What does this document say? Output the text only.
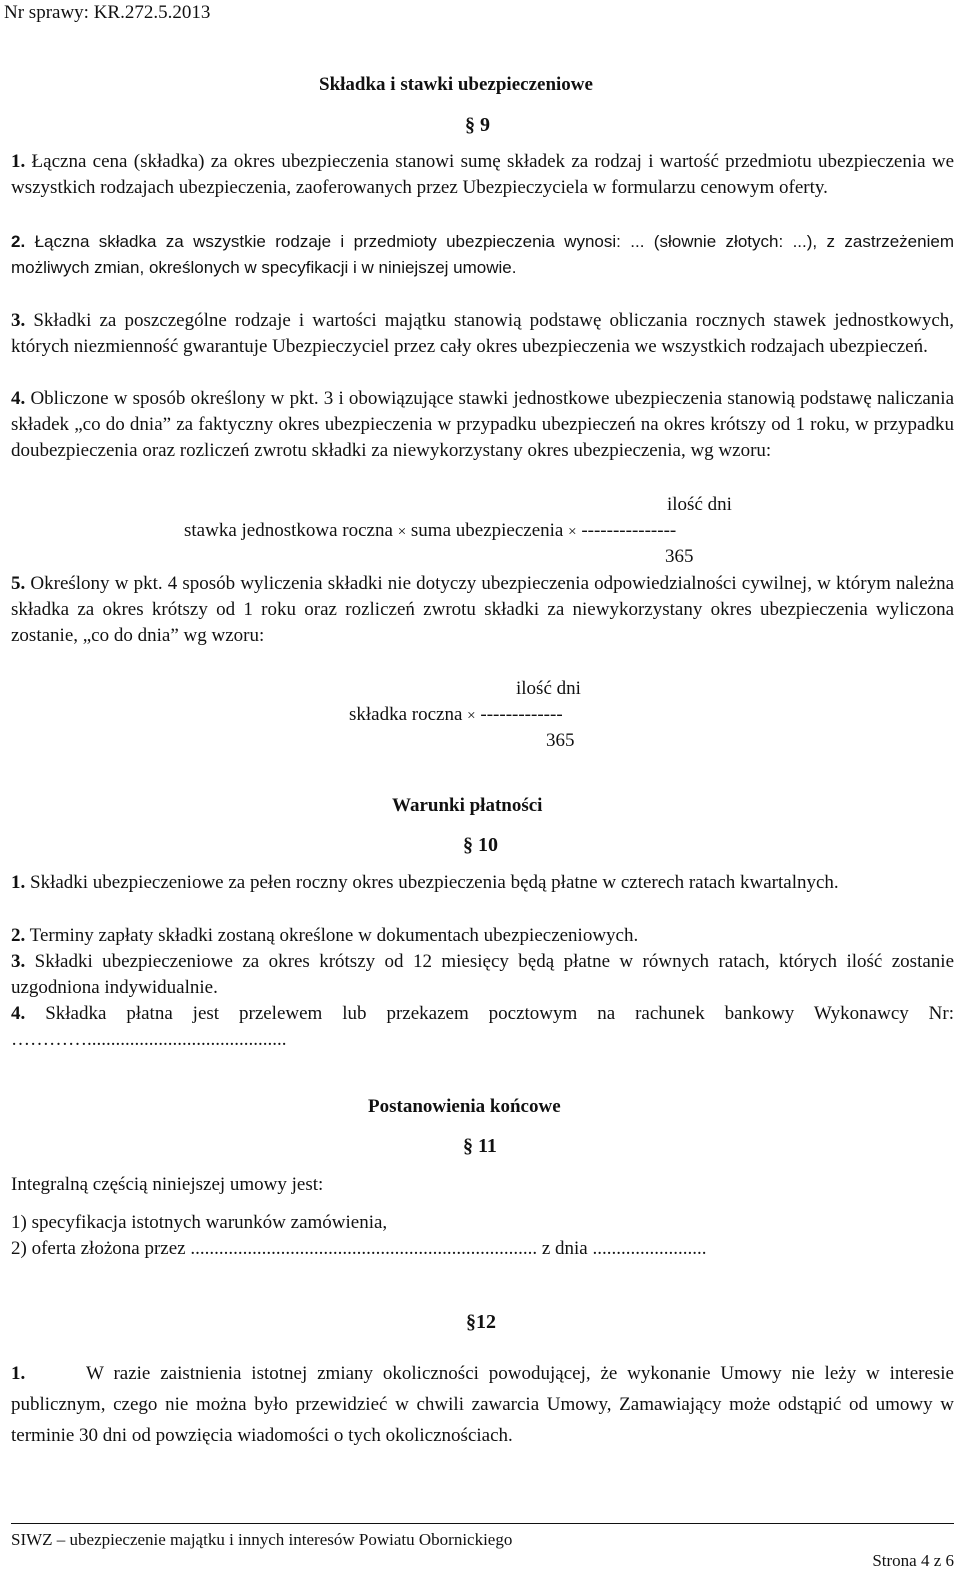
Nr sprawy: KR.272.5.2013
Składka i stawki ubezpieczeniowe
§ 9
1. Łączna cena (składka) za okres ubezpieczenia stanowi sumę składek za rodzaj i wartość przedmiotu ubezpieczenia we wszystkich rodzajach ubezpieczenia, zaoferowanych przez Ubezpieczyciela w formularzu cenowym oferty.
2. Łączna składka za wszystkie rodzaje i przedmioty ubezpieczenia wynosi: ... (słownie złotych: ...), z zastrzeżeniem możliwych zmian, określonych w specyfikacji i w niniejszej umowie.
3. Składki za poszczególne rodzaje i wartości majątku stanowią podstawę obliczania rocznych stawek jednostkowych, których niezmienność gwarantuje Ubezpieczyciel przez cały okres ubezpieczenia we wszystkich rodzajach ubezpieczeń.
4. Obliczone w sposób określony w pkt. 3 i obowiązujące stawki jednostkowe ubezpieczenia stanowią podstawę naliczania składek „co do dnia” za faktyczny okres ubezpieczenia w przypadku ubezpieczeń na okres krótszy od 1 roku, w przypadku doubezpieczenia oraz rozliczeń zwrotu składki za niewykorzystany okres ubezpieczenia, wg wzoru:
ilość dni
stawka jednostkowa roczna × suma ubezpieczenia × ---------------
365
5. Określony w pkt. 4 sposób wyliczenia składki nie dotyczy ubezpieczenia odpowiedzialności cywilnej, w którym należna składka za okres krótszy od 1 roku oraz rozliczeń zwrotu składki za niewykorzystany okres ubezpieczenia wyliczona zostanie, „co do dnia” wg wzoru:
ilość dni
składka roczna × -------------
365
Warunki płatności
§ 10
1. Składki ubezpieczeniowe za pełen roczny okres ubezpieczenia będą płatne w czterech ratach kwartalnych.
2. Terminy zapłaty składki zostaną określone w dokumentach ubezpieczeniowych.
3. Składki ubezpieczeniowe za okres krótszy od 12 miesięcy będą płatne w równych ratach, których ilość zostanie uzgodniona indywidualnie.
4. Składka płatna jest przelewem lub przekazem pocztowym na rachunek bankowy Wykonawcy Nr: …………..........................................
Postanowienia końcowe
§ 11
Integralną częścią niniejszej umowy jest:
1) specyfikacja istotnych warunków zamówienia,
2) oferta złożona przez ......................................................................... z dnia ........................
§12
1.	W razie zaistnienia istotnej zmiany okoliczności powodującej, że wykonanie Umowy nie leży w interesie publicznym, czego nie można było przewidzieć w chwili zawarcia Umowy, Zamawiający może odstąpić od umowy w terminie 30 dni od powzięcia wiadomości o tych okolicznościach.
SIWZ – ubezpieczenie majątku i innych interesów Powiatu Obornickiego
Strona 4 z 6
